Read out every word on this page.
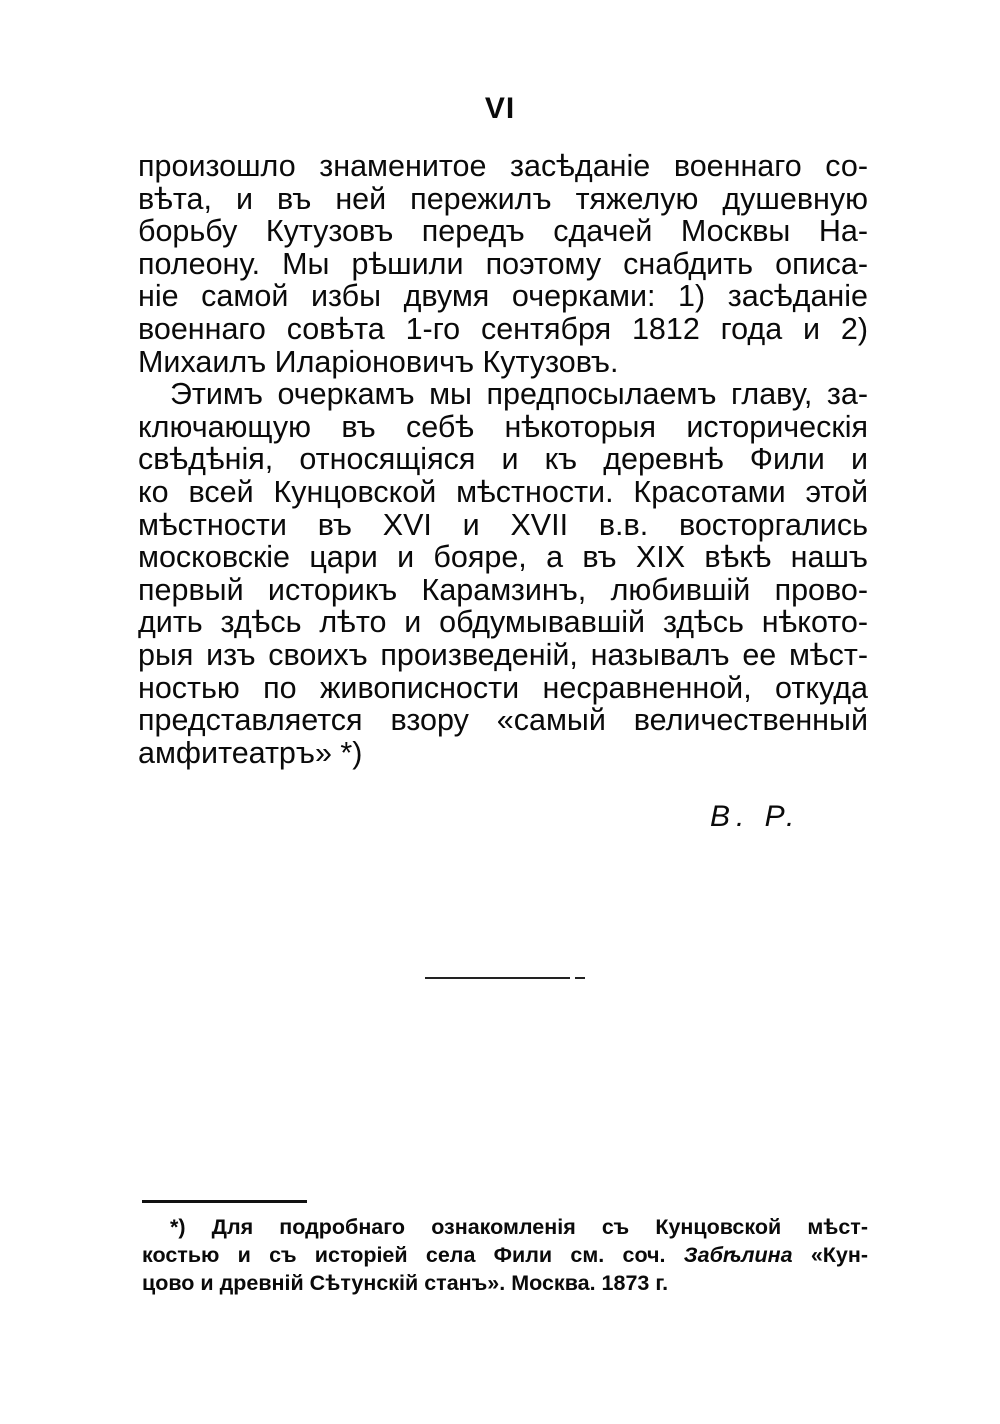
VI
произошло знаменитое засѣданіе военнаго со-
вѣта, и въ ней пережилъ тяжелую душевную
борьбу Кутузовъ передъ сдачей Москвы На-
полеону. Мы рѣшили поэтому снабдить описа-
ніе самой избы двумя очерками: 1) засѣданіе
военнаго совѣта 1-го сентября 1812 года и 2)
Михаилъ Иларіоновичъ Кутузовъ.
Этимъ очеркамъ мы предпосылаемъ главу, за-
ключающую въ себѣ нѣкоторыя историческія
свѣдѣнія, относящіяся и къ деревнѣ Фили и
ко всей Кунцовской мѣстности. Красотами этой
мѣстности въ XVI и XVII в.в. восторгались
московскіе цари и бояре, а въ XIX вѣкѣ нашъ
первый историкъ Карамзинъ, любившій прово-
дить здѣсь лѣто и обдумывавшій здѣсь нѣкото-
рыя изъ своихъ произведеній, называлъ ее мѣст-
ностью по живописности несравненной, откуда
представляется взору «самый величественный
амфитеатръ» *)
В. Р.
*) Для подробнаго ознакомленія съ Кунцовской мѣст-
костью и съ исторіей села Фили см. соч. Забѣлина «Кун-
цово и древній Сѣтунскій станъ». Москва. 1873 г.
